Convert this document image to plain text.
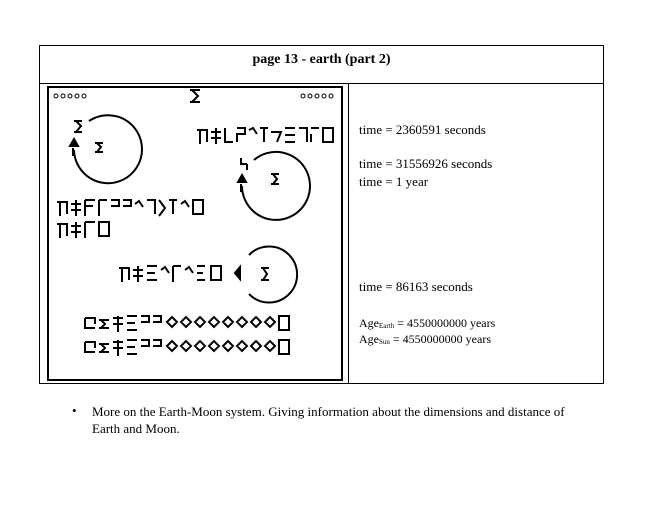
page 13 - earth (part 2)
time = 2360591 seconds
time = 31556926 seconds
time = 1 year
time = 86163 seconds
AgeEarth = 4550000000 years
AgeSun = 4550000000 years
• More on the Earth-Moon system. Giving information about the dimensions and distance of Earth and Moon.
